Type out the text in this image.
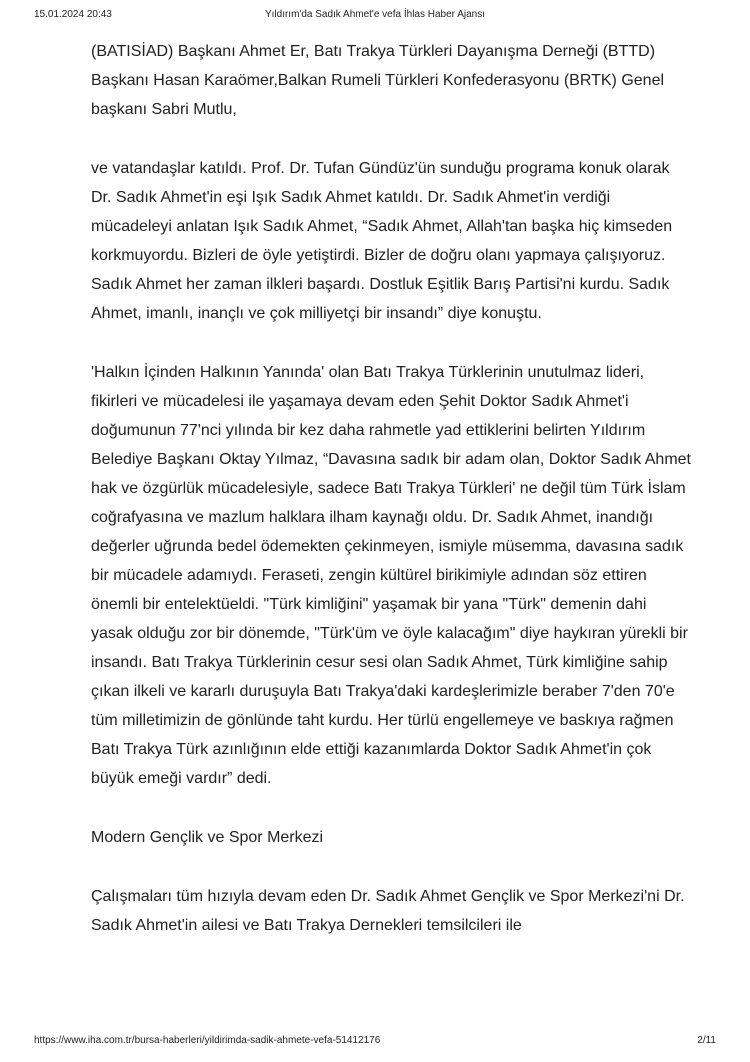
15.01.2024 20:43	Yıldırım'da Sadık Ahmet'e vefa İhlas Haber Ajansı

(BATISİAD) Başkanı Ahmet Er, Batı Trakya Türkleri Dayanışma Derneği (BTTD) Başkanı Hasan Karaömer,Balkan Rumeli Türkleri Konfederasyonu (BRTK) Genel başkanı Sabri Mutlu,

ve vatandaşlar katıldı. Prof. Dr. Tufan Gündüz'ün sunduğu programa konuk olarak Dr. Sadık Ahmet'in eşi Işık Sadık Ahmet katıldı. Dr. Sadık Ahmet'in verdiği mücadeleyi anlatan Işık Sadık Ahmet, “Sadık Ahmet, Allah'tan başka hiç kimseden korkmuyordu. Bizleri de öyle yetiştirdi. Bizler de doğru olanı yapmaya çalışıyoruz. Sadık Ahmet her zaman ilkleri başardı. Dostluk Eşitlik Barış Partisi'ni kurdu. Sadık Ahmet, imanlı, inançlı ve çok milliyetçi bir insandı” diye konuştu.

'Halkın İçinden Halkının Yanında' olan Batı Trakya Türklerinin unutulmaz lideri, fikirleri ve mücadelesi ile yaşamaya devam eden Şehit Doktor Sadık Ahmet'i doğumunun 77'nci yılında bir kez daha rahmetle yad ettiklerini belirten Yıldırım Belediye Başkanı Oktay Yılmaz, “Davasına sadık bir adam olan, Doktor Sadık Ahmet hak ve özgürlük mücadelesiyle, sadece Batı Trakya Türkleri' ne değil tüm Türk İslam coğrafyasına ve mazlum halklara ilham kaynağı oldu. Dr. Sadık Ahmet, inandığı değerler uğrunda bedel ödemekten çekinmeyen, ismiyle müsemma, davasına sadık bir mücadele adamıydı. Feraseti, zengin kültürel birikimiyle adından söz ettiren önemli bir entelektüeldi. "Türk kimliğini" yaşamak bir yana "Türk" demenin dahi yasak olduğu zor bir dönemde, "Türk'üm ve öyle kalacağım" diye haykıran yürekli bir insandı. Batı Trakya Türklerinin cesur sesi olan Sadık Ahmet, Türk kimliğine sahip çıkan ilkeli ve kararlı duruşuyla Batı Trakya'daki kardeşlerimizle beraber 7'den 70'e tüm milletimizin de gönlünde taht kurdu. Her türlü engellemeye ve baskıya rağmen Batı Trakya Türk azınlığının elde ettiği kazanımlarda Doktor Sadık Ahmet'in çok büyük emeği vardır” dedi.

Modern Gençlik ve Spor Merkezi

Çalışmaları tüm hızıyla devam eden Dr. Sadık Ahmet Gençlik ve Spor Merkezi'ni Dr. Sadık Ahmet'in ailesi ve Batı Trakya Dernekleri temsilcileri ile

https://www.iha.com.tr/bursa-haberleri/yildirimda-sadik-ahmete-vefa-51412176	2/11
